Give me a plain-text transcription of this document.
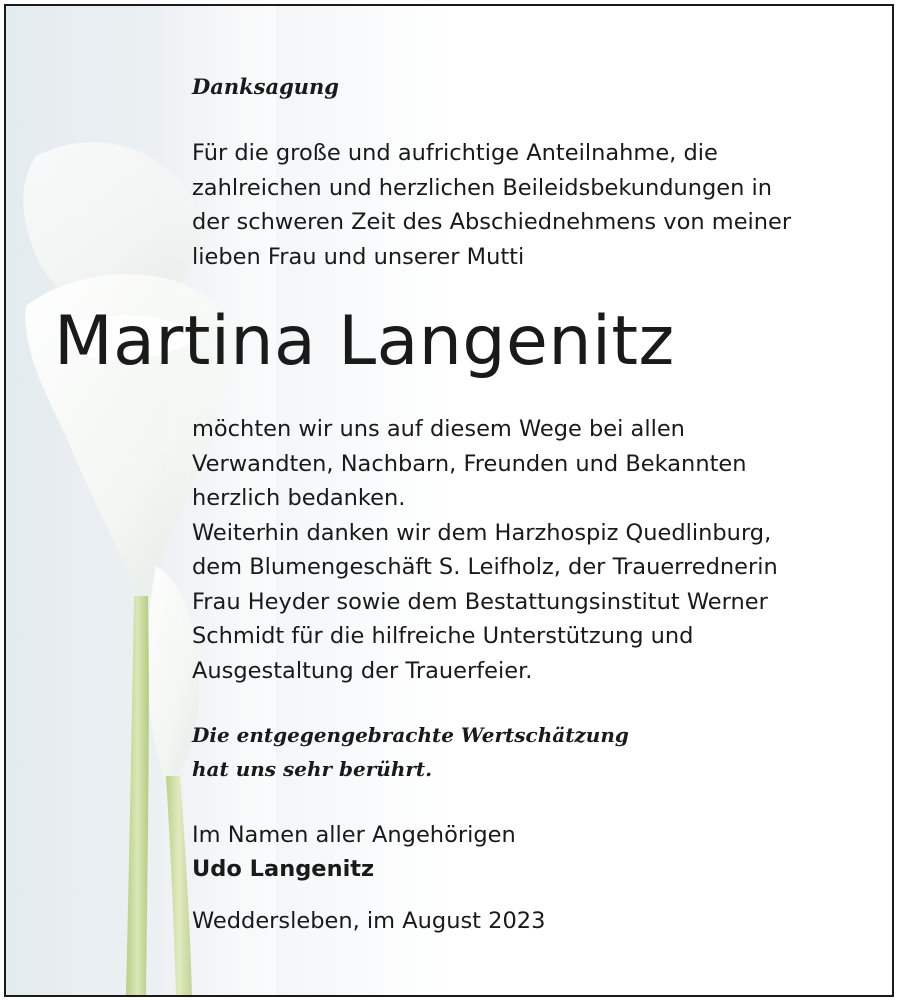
Danksagung

Für die große und aufrichtige Anteilnahme, die
zahlreichen und herzlichen Beileidsbekundungen in
der schweren Zeit des Abschiednehmens von meiner
lieben Frau und unserer Mutti

Martina Langenitz

möchten wir uns auf diesem Wege bei allen
Verwandten, Nachbarn, Freunden und Bekannten
herzlich bedanken.
Weiterhin danken wir dem Harzhospiz Quedlinburg,
dem Blumengeschäft S. Leifholz, der Trauerrednerin
Frau Heyder sowie dem Bestattungsinstitut Werner
Schmidt für die hilfreiche Unterstützung und
Ausgestaltung der Trauerfeier.

Die entgegengebrachte Wertschätzung
hat uns sehr berührt.

Im Namen aller Angehörigen
Udo Langenitz

Weddersleben, im August 2023
